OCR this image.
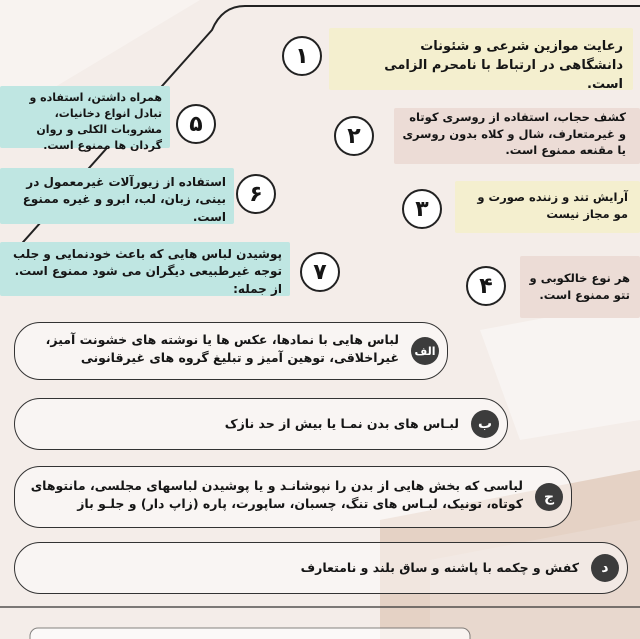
رعایت موازین شرعی و شئونات دانشگاهی در ارتباط با نامحرم الزامی است.
۱
کشف حجاب، استفاده از روسری کوتاه و غیرمتعارف، شال و کلاه بدون روسری یا مقنعه ممنوع است.
۲
آرایش تند و زننده صورت و مو مجاز نیست
۳
هر نوع خالکوبی و تتو ممنوع است.
۴
همراه داشتن، استفاده و تبادل انواع دخانیات، مشروبات الکلی و روان گردان ها ممنوع است.
۵
استفاده از زیورآلات غیرمعمول در بینی، زبان، لب، ابرو و غیره ممنوع است.
۶
پوشیدن لباس هایی که باعث خودنمایی و جلب توجه غیرطبیعی دیگران می شود ممنوع است. از جمله:
۷
لباس هایی با نمادها، عکس ها یا نوشته های خشونت آمیز، غیراخلاقی، توهین آمیز و تبلیغ گروه های غیرقانونی	الف
لبـاس های بدن نمـا یا بیش از حد نازک	ب
لباسی که بخش هایی از بدن را نپوشانـد و یا پوشیدن لباسهای مجلسی، مانتوهای کوتاه، تونیک، لبـاس های تنگ، چسبان، ساپورت، پاره (زاپ دار) و جلـو باز	ج
کفش و چکمه با پاشنه و ساق بلند و نامتعارف	د
